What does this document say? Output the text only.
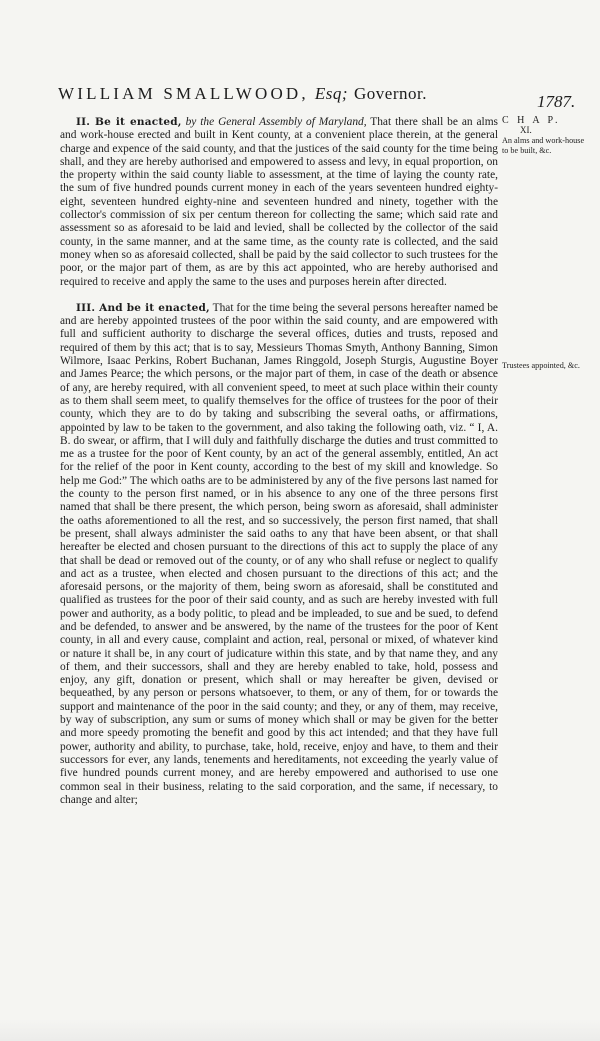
WILLIAM SMALLWOOD, Esq; Governor.	1787.
C H A P.
XI.
An alms and work-house to be built, &c.
Trustees appointed, &c.

II. Be it enacted, by the General Assembly of Maryland, That there shall be an alms and work-house erected and built in Kent county, at a convenient place therein, at the general charge and expence of the said county, and that the justices of the said county for the time being shall, and they are hereby authorised and empowered to assess and levy, in equal proportion, on the property within the said county liable to assessment, at the time of laying the county rate, the sum of five hundred pounds current money in each of the years seventeen hundred eighty-eight, seventeen hundred eighty-nine and seventeen hundred and ninety, together with the collector's commission of six per centum thereon for collecting the same; which said rate and assessment so as aforesaid to be laid and levied, shall be collected by the collector of the said county, in the same manner, and at the same time, as the county rate is collected, and the said money when so as aforesaid collected, shall be paid by the said collector to such trustees for the poor, or the major part of them, as are by this act appointed, who are hereby authorised and required to receive and apply the same to the uses and purposes herein after directed.

III. And be it enacted, That for the time being the several persons hereafter named be and are hereby appointed trustees of the poor within the said county, and are empowered with full and sufficient authority to discharge the several offices, duties and trusts, reposed and required of them by this act; that is to say, Messieurs Thomas Smyth, Anthony Banning, Simon Wilmore, Isaac Perkins, Robert Buchanan, James Ringgold, Joseph Sturgis, Augustine Boyer and James Pearce; the which persons, or the major part of them, in case of the death or absence of any, are hereby required, with all convenient speed, to meet at such place within their county as to them shall seem meet, to qualify themselves for the office of trustees for the poor of their county, which they are to do by taking and subscribing the several oaths, or affirmations, appointed by law to be taken to the government, and also taking the following oath, viz. “ I, A. B. do swear, or affirm, that I will duly and faithfully discharge the duties and trust committed to me as a trustee for the poor of Kent county, by an act of the general assembly, entitled, An act for the relief of the poor in Kent county, according to the best of my skill and knowledge. So help me God:” The which oaths are to be administered by any of the five persons last named for the county to the person first named, or in his absence to any one of the three persons first named that shall be there present, the which person, being sworn as aforesaid, shall administer the oaths aforementioned to all the rest, and so successively, the person first named, that shall be present, shall always administer the said oaths to any that have been absent, or that shall hereafter be elected and chosen pursuant to the directions of this act to supply the place of any that shall be dead or removed out of the county, or of any who shall refuse or neglect to qualify and act as a trustee, when elected and chosen pursuant to the directions of this act; and the aforesaid persons, or the majority of them, being sworn as aforesaid, shall be constituted and qualified as trustees for the poor of their said county, and as such are hereby invested with full power and authority, as a body politic, to plead and be impleaded, to sue and be sued, to defend and be defended, to answer and be answered, by the name of the trustees for the poor of Kent county, in all and every cause, complaint and action, real, personal or mixed, of whatever kind or nature it shall be, in any court of judicature within this state, and by that name they, and any of them, and their successors, shall and they are hereby enabled to take, hold, possess and enjoy, any gift, donation or present, which shall or may hereafter be given, devised or bequeathed, by any person or persons whatsoever, to them, or any of them, for or towards the support and maintenance of the poor in the said county; and they, or any of them, may receive, by way of subscription, any sum or sums of money which shall or may be given for the better and more speedy promoting the benefit and good by this act intended; and that they have full power, authority and ability, to purchase, take, hold, receive, enjoy and have, to them and their successors for ever, any lands, tenements and hereditaments, not exceeding the yearly value of five hundred pounds current money, and are hereby empowered and authorised to use one common seal in their business, relating to the said corporation, and the same, if necessary, to change and alter;
